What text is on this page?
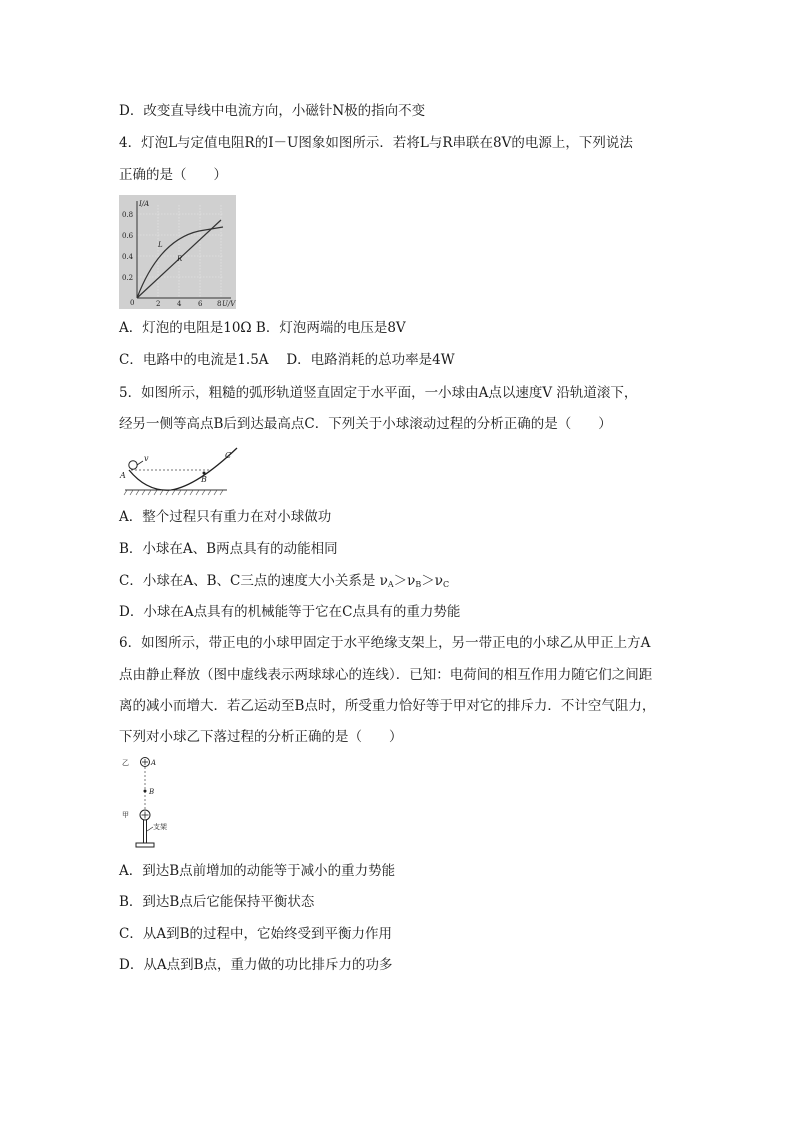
D．改变直导线中电流方向，小磁针N极的指向不变
4．灯泡L与定值电阻R的I－U图象如图所示．若将L与R串联在8V的电源上，下列说法
正确的是（　　）
I/A
U/V
0.8
0.6
0.4
0.2
0	2 4 6 8
L
R
A．灯泡的电阻是10Ω B．灯泡两端的电压是8V
C．电路中的电流是1.5A　 D．电路消耗的总功率是4W
5．如图所示，粗糙的弧形轨道竖直固定于水平面，一小球由A点以速度V 沿轨道滚下，
经另一侧等高点B后到达最高点C．下列关于小球滚动过程的分析正确的是（　　）
A
v
B
C
A．整个过程只有重力在对小球做功
B．小球在A、B两点具有的动能相同
C．小球在A、B、C三点的速度大小关系是 $\nu_A>\nu_B>\nu_C$
D．小球在A点具有的机械能等于它在C点具有的重力势能
6．如图所示，带正电的小球甲固定于水平绝缘支架上，另一带正电的小球乙从甲正上方A
点由静止释放（图中虚线表示两球球心的连线）．已知：电荷间的相互作用力随它们之间距
离的减小而增大．若乙运动至B点时，所受重力恰好等于甲对它的排斥力．不计空气阻力，
下列对小球乙下落过程的分析正确的是（　　）
乙	A
B
甲
支架
A．到达B点前增加的动能等于减小的重力势能
B．到达B点后它能保持平衡状态
C．从A到B的过程中，它始终受到平衡力作用
D．从A点到B点，重力做的功比排斥力的功多
